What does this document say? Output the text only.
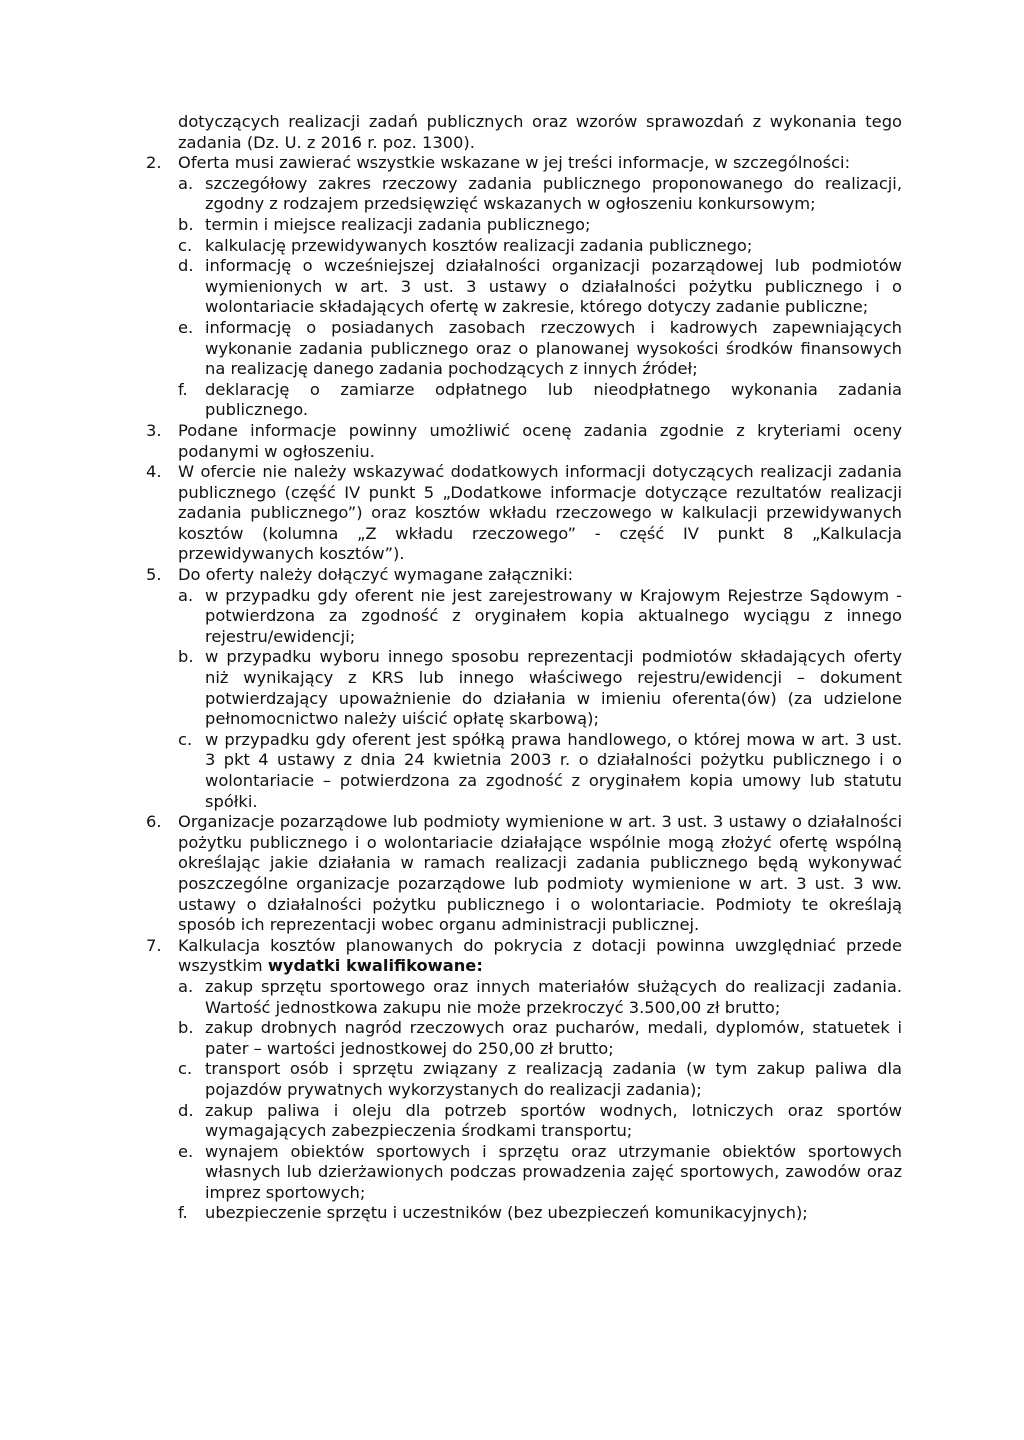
dotyczących realizacji zadań publicznych oraz wzorów sprawozdań z wykonania tego zadania (Dz. U. z 2016 r. poz. 1300).

2. Oferta musi zawierać wszystkie wskazane w jej treści informacje, w szczególności:
a. szczegółowy zakres rzeczowy zadania publicznego proponowanego do realizacji, zgodny z rodzajem przedsięwzięć wskazanych w ogłoszeniu konkursowym;
b. termin i miejsce realizacji zadania publicznego;
c. kalkulację przewidywanych kosztów realizacji zadania publicznego;
d. informację o wcześniejszej działalności organizacji pozarządowej lub podmiotów wymienionych w art. 3 ust. 3 ustawy o działalności pożytku publicznego i o wolontariacie składających ofertę w zakresie, którego dotyczy zadanie publiczne;
e. informację o posiadanych zasobach rzeczowych i kadrowych zapewniających wykonanie zadania publicznego oraz o planowanej wysokości środków finansowych na realizację danego zadania pochodzących z innych źródeł;
f. deklarację o zamiarze odpłatnego lub nieodpłatnego wykonania zadania publicznego.
3. Podane informacje powinny umożliwić ocenę zadania zgodnie z kryteriami oceny podanymi w ogłoszeniu.
4. W ofercie nie należy wskazywać dodatkowych informacji dotyczących realizacji zadania publicznego (część IV punkt 5 „Dodatkowe informacje dotyczące rezultatów realizacji zadania publicznego”) oraz kosztów wkładu rzeczowego w kalkulacji przewidywanych kosztów (kolumna „Z wkładu rzeczowego” - część IV punkt 8 „Kalkulacja przewidywanych kosztów”).
5. Do oferty należy dołączyć wymagane załączniki:
a. w przypadku gdy oferent nie jest zarejestrowany w Krajowym Rejestrze Sądowym - potwierdzona za zgodność z oryginałem kopia aktualnego wyciągu z innego rejestru/ewidencji;
b. w przypadku wyboru innego sposobu reprezentacji podmiotów składających oferty niż wynikający z KRS lub innego właściwego rejestru/ewidencji – dokument potwierdzający upoważnienie do działania w imieniu oferenta(ów) (za udzielone pełnomocnictwo należy uiścić opłatę skarbową);
c. w przypadku gdy oferent jest spółką prawa handlowego, o której mowa w art. 3 ust. 3 pkt 4 ustawy z dnia 24 kwietnia 2003 r. o działalności pożytku publicznego i o wolontariacie – potwierdzona za zgodność z oryginałem kopia umowy lub statutu spółki.
6. Organizacje pozarządowe lub podmioty wymienione w art. 3 ust. 3 ustawy o działalności pożytku publicznego i o wolontariacie działające wspólnie mogą złożyć ofertę wspólną określając jakie działania w ramach realizacji zadania publicznego będą wykonywać poszczególne organizacje pozarządowe lub podmioty wymienione w art. 3 ust. 3 ww. ustawy o działalności pożytku publicznego i o wolontariacie. Podmioty te określają sposób ich reprezentacji wobec organu administracji publicznej.
7. Kalkulacja kosztów planowanych do pokrycia z dotacji powinna uwzględniać przede wszystkim wydatki kwalifikowane:
a. zakup sprzętu sportowego oraz innych materiałów służących do realizacji zadania. Wartość jednostkowa zakupu nie może przekroczyć 3.500,00 zł brutto;
b. zakup drobnych nagród rzeczowych oraz pucharów, medali, dyplomów, statuetek i pater – wartości jednostkowej do 250,00 zł brutto;
c. transport osób i sprzętu związany z realizacją zadania (w tym zakup paliwa dla pojazdów prywatnych wykorzystanych do realizacji zadania);
d. zakup paliwa i oleju dla potrzeb sportów wodnych, lotniczych oraz sportów wymagających zabezpieczenia środkami transportu;
e. wynajem obiektów sportowych i sprzętu oraz utrzymanie obiektów sportowych własnych lub dzierżawionych podczas prowadzenia zajęć sportowych, zawodów oraz imprez sportowych;
f. ubezpieczenie sprzętu i uczestników (bez ubezpieczeń komunikacyjnych);
